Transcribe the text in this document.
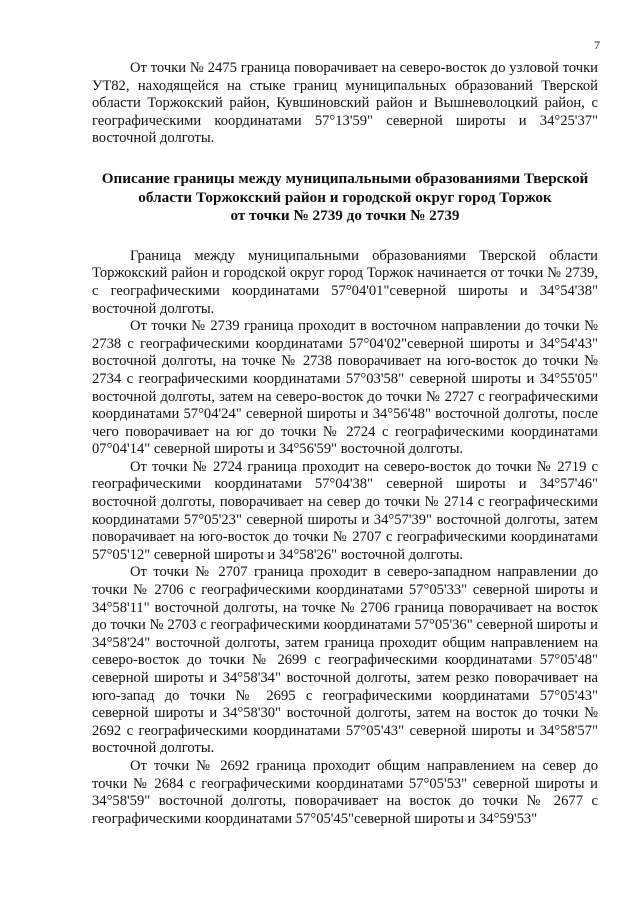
7

От точки № 2475 граница поворачивает на северо-восток до узловой точки УТ82, находящейся на стыке границ муниципальных образований Тверской области Торжокский район, Кувшиновский район и Вышневолоцкий район, с географическими координатами 57°13'59" северной широты и 34°25'37" восточной долготы.

Описание границы между муниципальными образованиями Тверской
области Торжокский район и городской округ город Торжок
от точки № 2739 до точки № 2739

Граница между муниципальными образованиями Тверской области Торжокский район и городской округ город Торжок начинается от точки № 2739, с географическими координатами 57°04'01"северной широты и 34°54'38" восточной долготы.

От точки № 2739 граница проходит в восточном направлении до точки № 2738 с географическими координатами 57°04'02"северной широты и 34°54'43" восточной долготы, на точке № 2738 поворачивает на юго-восток до точки № 2734 с географическими координатами 57°03'58" северной широты и 34°55'05" восточной долготы, затем на северо-восток до точки № 2727 с географическими координатами 57°04'24" северной широты и 34°56'48" восточной долготы, после чего поворачивает на юг до точки № 2724 с географическими координатами 07°04'14" северной широты и 34°56'59" восточной долготы.

От точки № 2724 граница проходит на северо-восток до точки № 2719 с географическими координатами 57°04'38" северной широты и 34°57'46" восточной долготы, поворачивает на север до точки № 2714 с географическими координатами 57°05'23" северной широты и 34°57'39" восточной долготы, затем поворачивает на юго-восток до точки № 2707 с географическими координатами 57°05'12" северной широты и 34°58'26" восточной долготы.

От точки № 2707 граница проходит в северо-западном направлении до точки № 2706 с географическими координатами 57°05'33" северной широты и 34°58'11" восточной долготы, на точке № 2706 граница поворачивает на восток до точки № 2703 с географическими координатами 57°05'36" северной широты и 34°58'24" восточной долготы, затем граница проходит общим направлением на северо-восток до точки № 2699 с географическими координатами 57°05'48" северной широты и 34°58'34" восточной долготы, затем резко поворачивает на юго-запад до точки № 2695 с географическими координатами 57°05'43" северной широты и 34°58'30" восточной долготы, затем на восток до точки № 2692 с географическими координатами 57°05'43" северной широты и 34°58'57" восточной долготы.

От точки № 2692 граница проходит общим направлением на север до точки № 2684 с географическими координатами 57°05'53" северной широты и 34°58'59" восточной долготы, поворачивает на восток до точки № 2677 с географическими координатами 57°05'45"северной широты и 34°59'53"
